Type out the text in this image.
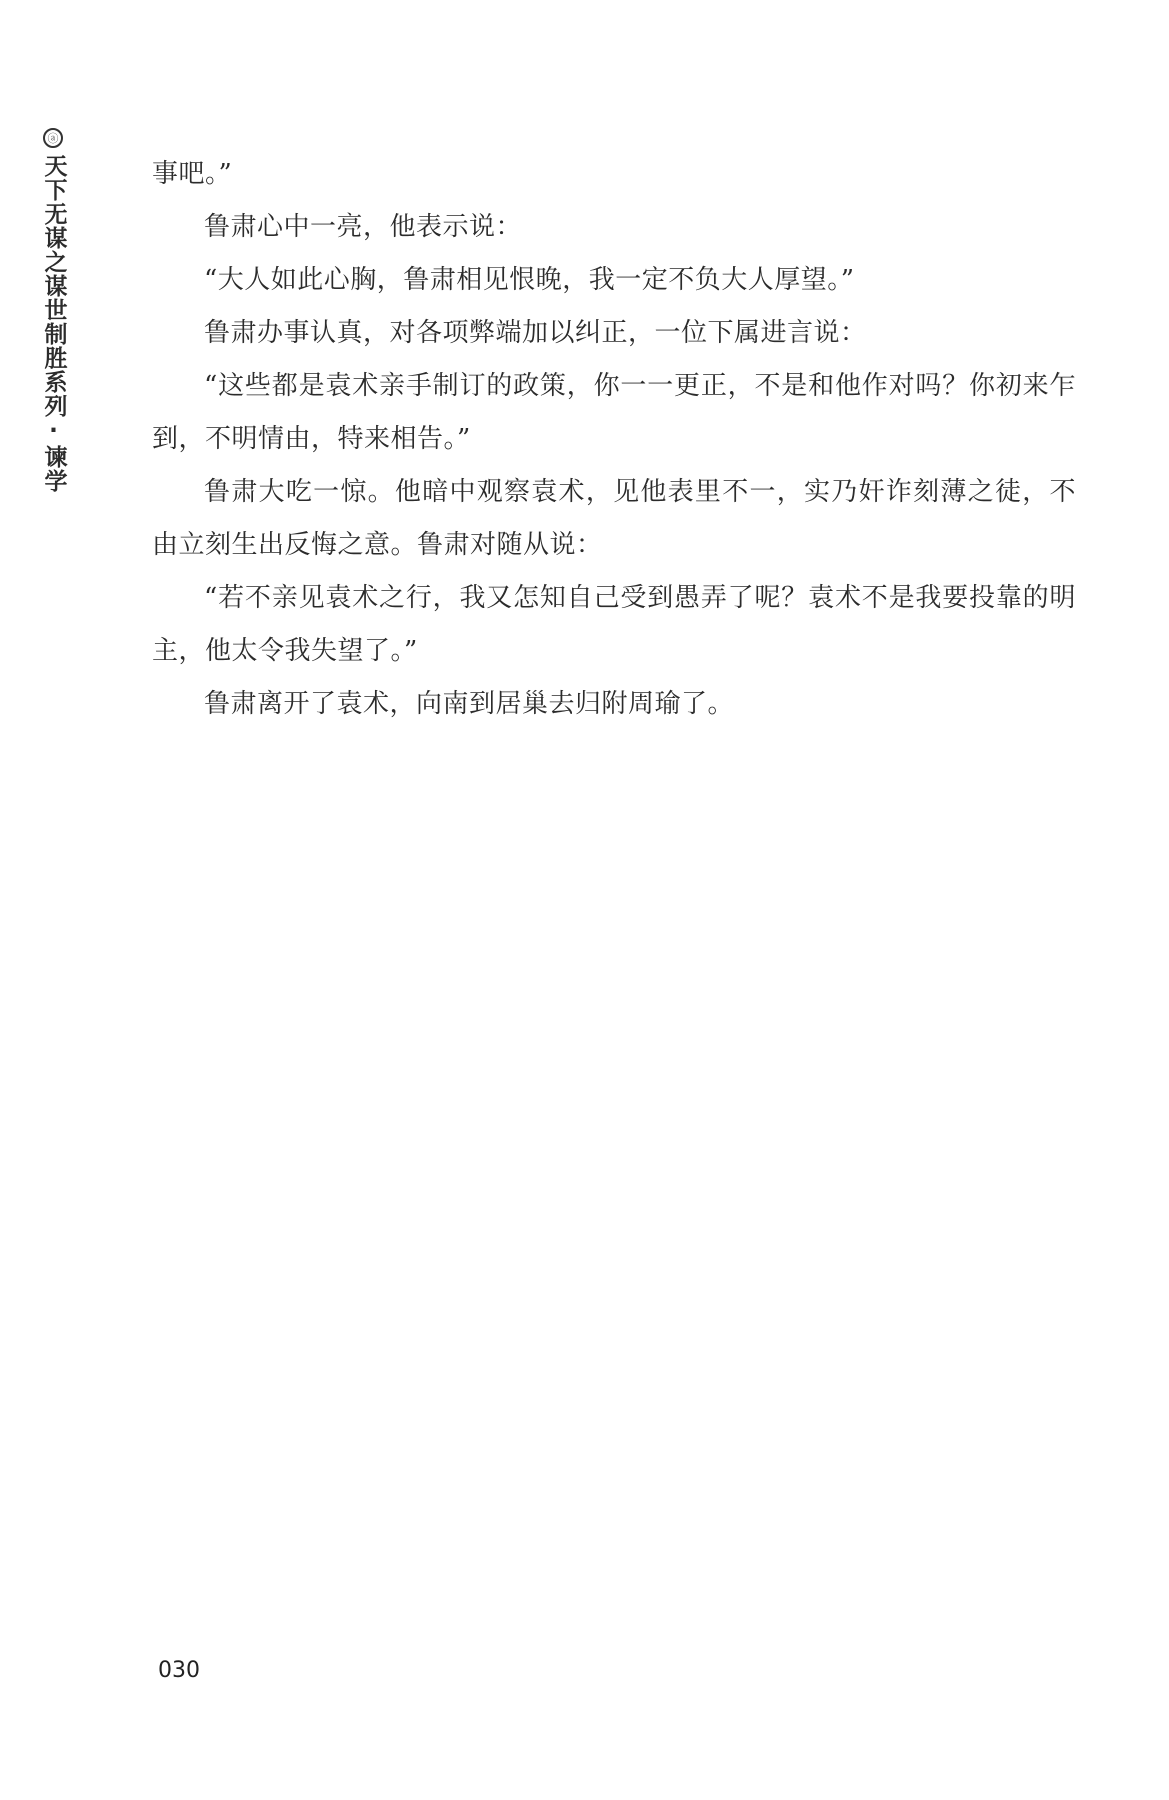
ⓐ
天下无谋之谋世制胜系列·谏学	事吧。”

鲁肃心中一亮，他表示说：

“大人如此心胸，鲁肃相见恨晚，我一定不负大人厚望。”

鲁肃办事认真，对各项弊端加以纠正，一位下属进言说：

“这些都是袁术亲手制订的政策，你一一更正，不是和他作对吗？你初来乍到，不明情由，特来相告。”

鲁肃大吃一惊。他暗中观察袁术，见他表里不一，实乃奸诈刻薄之徒，不由立刻生出反悔之意。鲁肃对随从说：

“若不亲见袁术之行，我又怎知自己受到愚弄了呢？袁术不是我要投靠的明主，他太令我失望了。”

鲁肃离开了袁术，向南到居巢去归附周瑜了。

030
